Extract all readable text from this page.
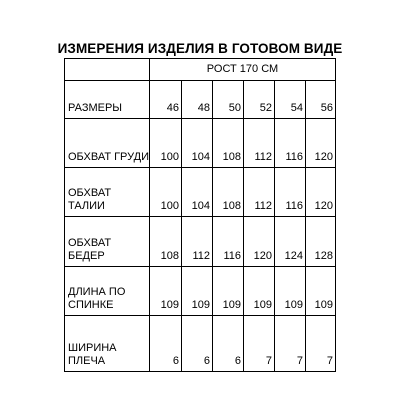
ИЗМЕРЕНИЯ ИЗДЕЛИЯ В ГОТОВОМ ВИДЕ
	РОСТ 170 СМ					

РАЗМЕРЫ	46	48	50	52	54	56

ОБХВАТ ГРУДИ	100	104	108	112	116	120

ОБХВАТ ТАЛИИ	100	104	108	112	116	120

ОБХВАТ БЕДЕР	108	112	116	120	124	128

ДЛИНА ПО СПИНКЕ	109	109	109	109	109	109

ШИРИНА ПЛЕЧА	6	6	6	7	7	7
